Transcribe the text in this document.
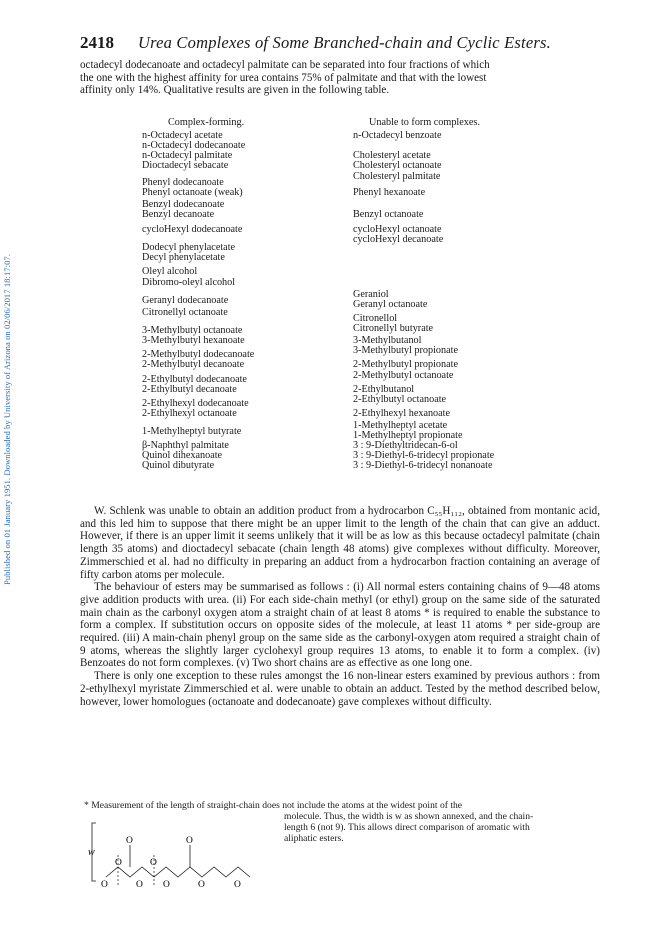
Published on 01 January 1951. Downloaded by University of Arizona on 02/06/2017 18:17:07.
2418 Urea Complexes of Some Branched-chain and Cyclic Esters.
octadecyl dodecanoate and octadecyl palmitate can be separated into four fractions of which
the one with the highest affinity for urea contains 75% of palmitate and that with the lowest
affinity only 14%. Qualitative results are given in the following table.
Complex-forming.
n-Octadecyl acetate
n-Octadecyl dodecanoate
n-Octadecyl palmitate
Dioctadecyl sebacate
Phenyl dodecanoate
Phenyl octanoate (weak)
Benzyl dodecanoate
Benzyl decanoate
cycloHexyl dodecanoate
Dodecyl phenylacetate
Decyl phenylacetate
Oleyl alcohol
Dibromo-oleyl alcohol
Geranyl dodecanoate
Citronellyl octanoate
3-Methylbutyl octanoate
3-Methylbutyl hexanoate
2-Methylbutyl dodecanoate
2-Methylbutyl decanoate
2-Ethylbutyl dodecanoate
2-Ethylbutyl decanoate
2-Ethylhexyl dodecanoate
2-Ethylhexyl octanoate
1-Methylheptyl butyrate
β-Naphthyl palmitate
Quinol dihexanoate
Quinol dibutyrate
Unable to form complexes.
n-Octadecyl benzoate
Cholesteryl acetate
Cholesteryl octanoate
Cholesteryl palmitate
Phenyl hexanoate
Benzyl octanoate
cycloHexyl octanoate
cycloHexyl decanoate
Geraniol
Geranyl octanoate
Citronellol
Citronellyl butyrate
3-Methylbutanol
3-Methylbutyl propionate
2-Methylbutyl propionate
2-Methylbutyl octanoate
2-Ethylbutanol
2-Ethylbutyl octanoate
2-Ethylhexyl hexanoate
1-Methylheptyl acetate
1-Methylheptyl propionate
3 : 9-Diethyltridecan-6-ol
3 : 9-Diethyl-6-tridecyl propionate
3 : 9-Diethyl-6-tridecyl nonanoate

W. Schlenk was unable to obtain an addition product from a hydrocarbon C₅₅H₁₁₂, obtained from montanic acid, and this led him to suppose that there might be an upper limit to the length of the chain that can give an adduct. However, if there is an upper limit it seems unlikely that it will be as low as this because octadecyl palmitate (chain length 35 atoms) and dioctadecyl sebacate (chain length 48 atoms) give complexes without difficulty. Moreover, Zimmerschied et al. had no difficulty in preparing an adduct from a hydrocarbon fraction containing an average of fifty carbon atoms per molecule.

The behaviour of esters may be summarised as follows : (i) All normal esters containing chains of 9—48 atoms give addition products with urea. (ii) For each side-chain methyl (or ethyl) group on the same side of the saturated main chain as the carbonyl oxygen atom a straight chain of at least 8 atoms * is required to enable the substance to form a complex. If substitution occurs on opposite sides of the molecule, at least 11 atoms * per side-group are required. (iii) A main-chain phenyl group on the same side as the carbonyl-oxygen atom required a straight chain of 9 atoms, whereas the slightly larger cyclohexyl group requires 13 atoms, to enable it to form a complex. (iv) Benzoates do not form complexes. (v) Two short chains are as effective as one long one.

There is only one exception to these rules amongst the 16 non-linear esters examined by previous authors : from 2-ethylhexyl myristate Zimmerschied et al. were unable to obtain an adduct. Tested by the method described below, however, lower homologues (octanoate and dodecanoate) gave complexes without difficulty.

* Measurement of the length of straight-chain does not include the atoms at the widest point of the
molecule. Thus, the width is w as shown annexed, and the chain-
length 6 (not 9). This allows direct comparison of aromatic with
aliphatic esters.
w
O
O
O
O
O
O
O
O	O
